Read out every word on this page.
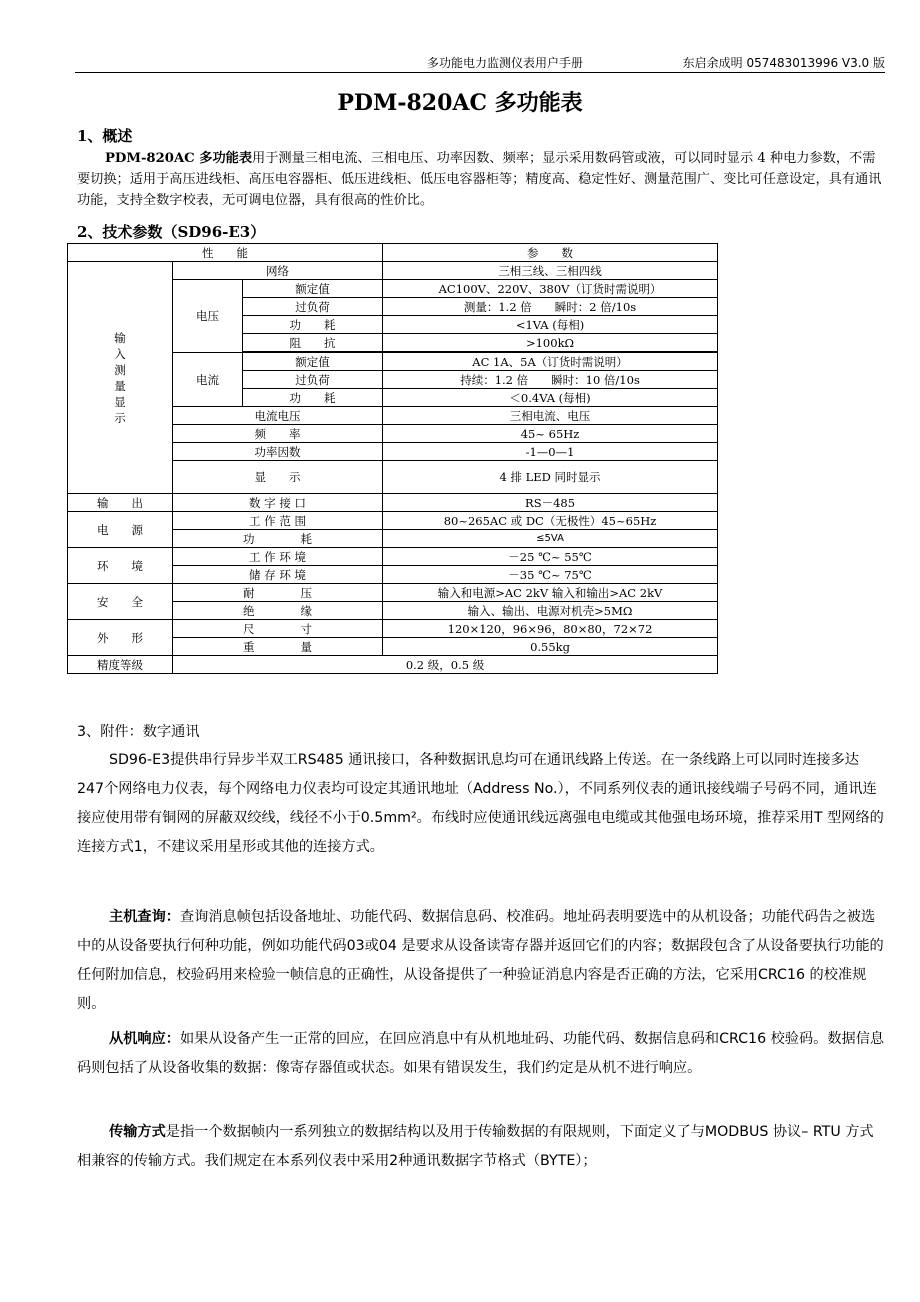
多功能电力监测仪表用户手册	东启余成明 057483013996 V3.0 版
PDM-820AC 多功能表
1、概述
PDM-820AC 多功能表用于测量三相电流、三相电压、功率因数、频率；显示采用数码管或液，可以同时显示 4 种电力参数，不需要切换；适用于高压进线柜、高压电容器柜、低压进线柜、低压电容器柜等；精度高、稳定性好、测量范围广、变比可任意设定，具有通讯功能，支持全数字校表，无可调电位器，具有很高的性价比。
2、技术参数（SD96-E3）
性　　能			参　　数
输入测量显示	网络		三相三线、三相四线
	电压	额定值	AC100V、220V、380V（订货时需说明）
		过负荷	测量：1.2 倍　　瞬时：2 倍/10s
		功　　耗	<1VA (每相)
		阻　　抗	>100kΩ

	电流	额定值	AC 1A、5A（订货时需说明）
		过负荷	持续：1.2 倍　　瞬时：10 倍/10s
		功　　耗	＜0.4VA (每相)
	电流电压		三相电流、电压
	频　　率		45~ 65Hz
	功率因数		-1—0—1
	显　　示		4 排 LED 同时显示
输　　出	数 字 接 口		RS－485
电　　源	工 作 范 围		80~265AC 或 DC（无极性）45~65Hz
	功　　　　耗		≤5VA
环　　境	工 作 环 境		－25 ℃~ 55℃
	储 存 环 境		－35 ℃~ 75℃
安　　全	耐　　　　压		输入和电源>AC 2kV 输入和输出>AC 2kV
	绝　　　　缘		输入、输出、电源对机壳>5MΩ
外　　形	尺　　　　寸		120×120，96×96，80×80，72×72
	重　　　　量		0.55kg
精度等级	0.2 级，0.5 级		
3、附件：数字通讯
SD96-E3提供串行异步半双工RS485 通讯接口，各种数据讯息均可在通讯线路上传送。在一条线路上可以同时连接多达247个网络电力仪表，每个网络电力仪表均可设定其通讯地址（Address No.），不同系列仪表的通讯接线端子号码不同，通讯连接应使用带有铜网的屏蔽双绞线，线径不小于0.5mm²。布线时应使通讯线远离强电电缆或其他强电场环境，推荐采用T 型网络的连接方式1，不建议采用星形或其他的连接方式。
主机查询：查询消息帧包括设备地址、功能代码、数据信息码、校准码。地址码表明要选中的从机设备；功能代码告之被选中的从设备要执行何种功能，例如功能代码03或04 是要求从设备读寄存器并返回它们的内容；数据段包含了从设备要执行功能的任何附加信息，校验码用来检验一帧信息的正确性，从设备提供了一种验证消息内容是否正确的方法，它采用CRC16 的校准规则。
从机响应：如果从设备产生一正常的回应，在回应消息中有从机地址码、功能代码、数据信息码和CRC16 校验码。数据信息码则包括了从设备收集的数据：像寄存器值或状态。如果有错误发生，我们约定是从机不进行响应。
传输方式是指一个数据帧内一系列独立的数据结构以及用于传输数据的有限规则，下面定义了与MODBUS 协议– RTU 方式相兼容的传输方式。我们规定在本系列仪表中采用2种通讯数据字节格式（BYTE）；
